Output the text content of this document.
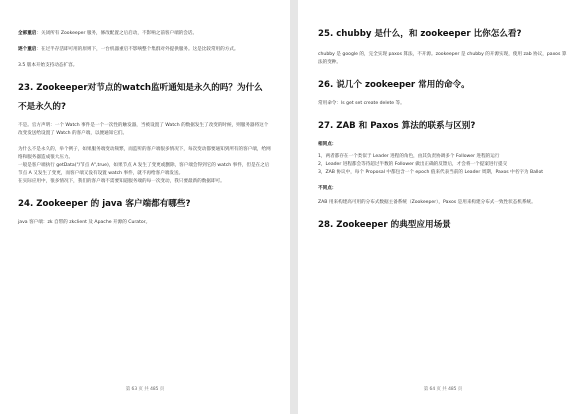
全部重启：关闭所有 Zookeeper 服务，修改配置之后启动，不影响之前客户端的会话。

逐个重启：在过半存活即可用的原则下，一台机器重启不影响整个集群对外提供服务。这是比较常用的方式。

3.5 版本开始支持动态扩容。

23. Zookeeper对节点的watch监听通知是永久的吗？为什么
不是永久的?

不是。官方声明：一个 Watch 事件是一个一次性的触发器，当被设置了 Watch 的数据发生了改变的时候，则服务器将这个改变发送给设置了 Watch 的客户端，以便通知它们。

为什么不是永久的，举个例子，如果服务端变动频繁，而监听的客户端很多情况下，每次变动都要通知到所有的客户端，给网络和服务器造成很大压力。

一般是客户端执行 getData("/节点 A",true)，如果节点 A 发生了变更或删除，客户端会得到它的 watch 事件，但是在之后节点 A 又发生了变更，而客户端又没有设置 watch 事件，就不再给客户端发送。

在实际应用中，很多情况下，我们的客户端不需要知道服务端的每一次变动，我只要最新的数据即可。

24. Zookeeper 的 java 客户端都有哪些?

java 客户端：zk 自带的 zkclient 及 Apache 开源的 Curator。

第 63 页 共 485 页
25. chubby 是什么，和 zookeeper 比你怎么看?

chubby 是 google 的，完全实现 paxos 算法，不开源。zookeeper 是 chubby 的开源实现，使用 zab 协议，paxos 算法的变种。

26. 说几个 zookeeper 常用的命令。

常用命令：ls get set create delete 等。

27. ZAB 和 Paxos 算法的联系与区别?

相同点：

1，两者都存在一个类似于 Leader 进程的角色，由其负责协调多个 Follower 进程的运行

2，Leader 进程都会等待超过半数的 Follower 做出正确的反馈后，才会将一个提案进行提交

3，ZAB 协议中，每个 Proposal 中都包含一个 epoch 值来代表当前的 Leader 周期，Paxos 中名字为 Ballot

不同点：

ZAB 用来构建高可用的分布式数据主备系统（Zookeeper），Paxos 是用来构建分布式一致性状态机系统。

28. Zookeeper 的典型应用场景
第 64 页 共 485 页
